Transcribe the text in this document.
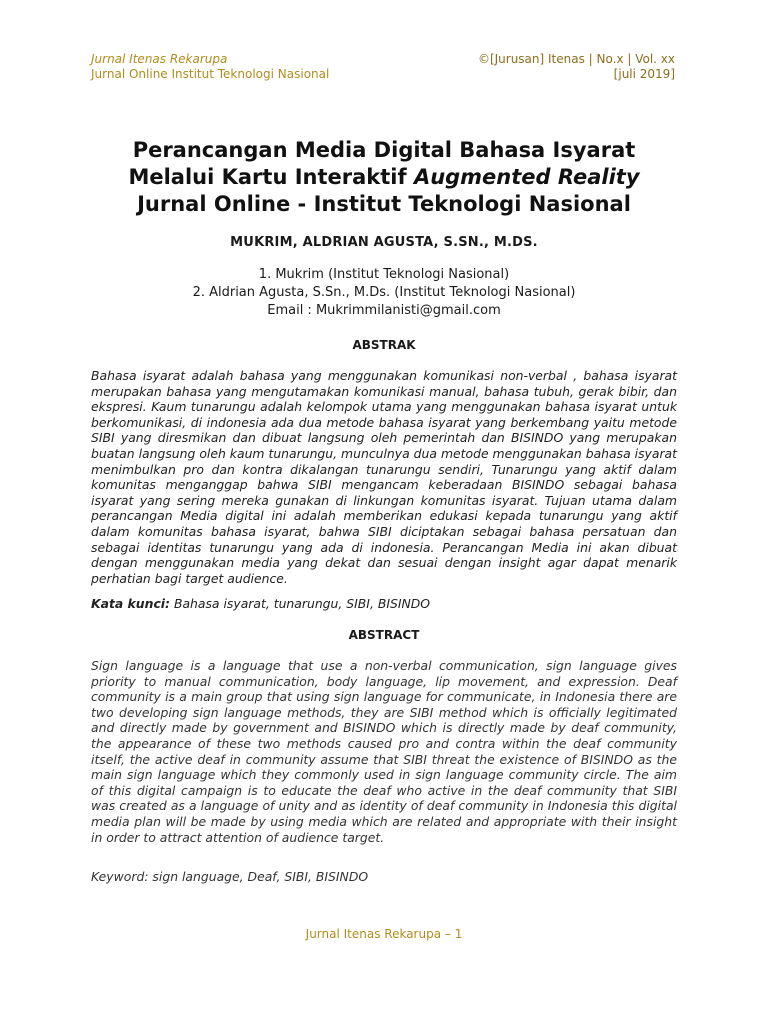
Jurnal Itenas Rekarupa
Jurnal Online Institut Teknologi Nasional
©[Jurusan] Itenas | No.x | Vol. xx
[juli 2019]
Perancangan Media Digital Bahasa Isyarat
Melalui Kartu Interaktif Augmented Reality
Jurnal Online - Institut Teknologi Nasional
MUKRIM, ALDRIAN AGUSTA, S.SN., M.DS.
1. Mukrim (Institut Teknologi Nasional)
2. Aldrian Agusta, S.Sn., M.Ds. (Institut Teknologi Nasional)
Email : Mukrimmilanisti@gmail.com
ABSTRAK
Bahasa isyarat adalah bahasa yang menggunakan komunikasi non-verbal , bahasa isyarat merupakan bahasa yang mengutamakan komunikasi manual, bahasa tubuh, gerak bibir, dan ekspresi. Kaum tunarungu adalah kelompok utama yang menggunakan bahasa isyarat untuk berkomunikasi, di indonesia ada dua metode bahasa isyarat yang berkembang yaitu metode SIBI yang diresmikan dan dibuat langsung oleh pemerintah dan BISINDO yang merupakan buatan langsung oleh kaum tunarungu, munculnya dua metode menggunakan bahasa isyarat menimbulkan pro dan kontra dikalangan tunarungu sendiri, Tunarungu yang aktif dalam komunitas menganggap bahwa SIBI mengancam keberadaan BISINDO sebagai bahasa isyarat yang sering mereka gunakan di linkungan komunitas isyarat. Tujuan utama dalam perancangan Media digital ini adalah memberikan edukasi kepada tunarungu yang aktif dalam komunitas bahasa isyarat, bahwa SIBI diciptakan sebagai bahasa persatuan dan sebagai identitas tunarungu yang ada di indonesia. Perancangan Media ini akan dibuat dengan menggunakan media yang dekat dan sesuai dengan insight agar dapat menarik perhatian bagi target audience.
Kata kunci: Bahasa isyarat, tunarungu, SIBI, BISINDO
ABSTRACT
Sign language is a language that use a non-verbal communication, sign language gives priority to manual communication, body language, lip movement, and expression. Deaf community is a main group that using sign language for communicate, in Indonesia there are two developing sign language methods, they are SIBI method which is officially legitimated and directly made by government and BISINDO which is directly made by deaf community, the appearance of these two methods caused pro and contra within the deaf community itself, the active deaf in community assume that SIBI threat the existence of BISINDO as the main sign language which they commonly used in sign language community circle. The aim of this digital campaign is to educate the deaf who active in the deaf community that SIBI was created as a language of unity and as identity of deaf community in Indonesia this digital media plan will be made by using media which are related and appropriate with their insight in order to attract attention of audience target.
Keyword: sign language, Deaf, SIBI, BISINDO
Jurnal Itenas Rekarupa – 1
